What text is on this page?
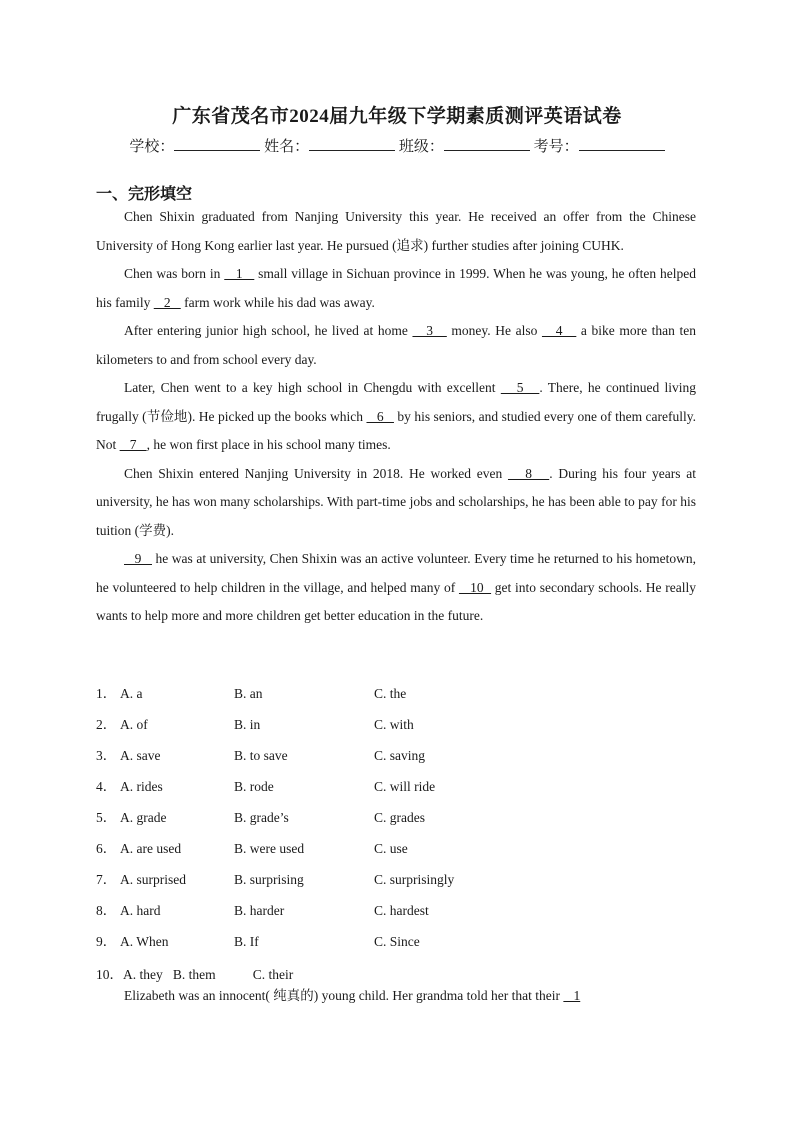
广东省茂名市2024届九年级下学期素质测评英语试卷
学校：	姓名：	班级：	考号：
一、完形填空

Chen Shixin graduated from Nanjing University this year. He received an offer from the Chinese University of Hong Kong earlier last year. He pursued (追求) further studies after joining CUHK.

Chen was born in    1    small village in Sichuan province in 1999. When he was young, he often helped his family    2    farm work while his dad was away.

After entering junior high school, he lived at home    3    money. He also    4    a bike more than ten kilometers to and from school every day.

Later, Chen went to a key high school in Chengdu with excellent    5   . There, he continued living frugally (节俭地). He picked up the books which    6    by his seniors, and studied every one of them carefully. Not    7   , he won first place in his school many times.

Chen Shixin entered Nanjing University in 2018. He worked even    8   . During his four years at university, he has won many scholarships. With part-time jobs and scholarships, he has been able to pay for his tuition (学费).

9    he was at university, Chen Shixin was an active volunteer. Every time he returned to his hometown, he volunteered to help children in the village, and helped many of    10   get into secondary schools. He really wants to help more and more children get better education in the future.

1． A. a	B. an	C. the
2． A. of	B. in	C. with
3． A. save	B. to save	C. saving
4． A. rides	B. rode	C. will ride
5． A. grade	B. grade’s	C. grades
6． A. are used	B. were used	C. use
7． A. surprised	B. surprising	C. surprisingly
8． A. hard	B. harder	C. hardest
9． A. When	B. If	C. Since
10．A. they B. them	C. their

Elizabeth was an innocent( 纯真的) young child. Her grandma told her that their    1
